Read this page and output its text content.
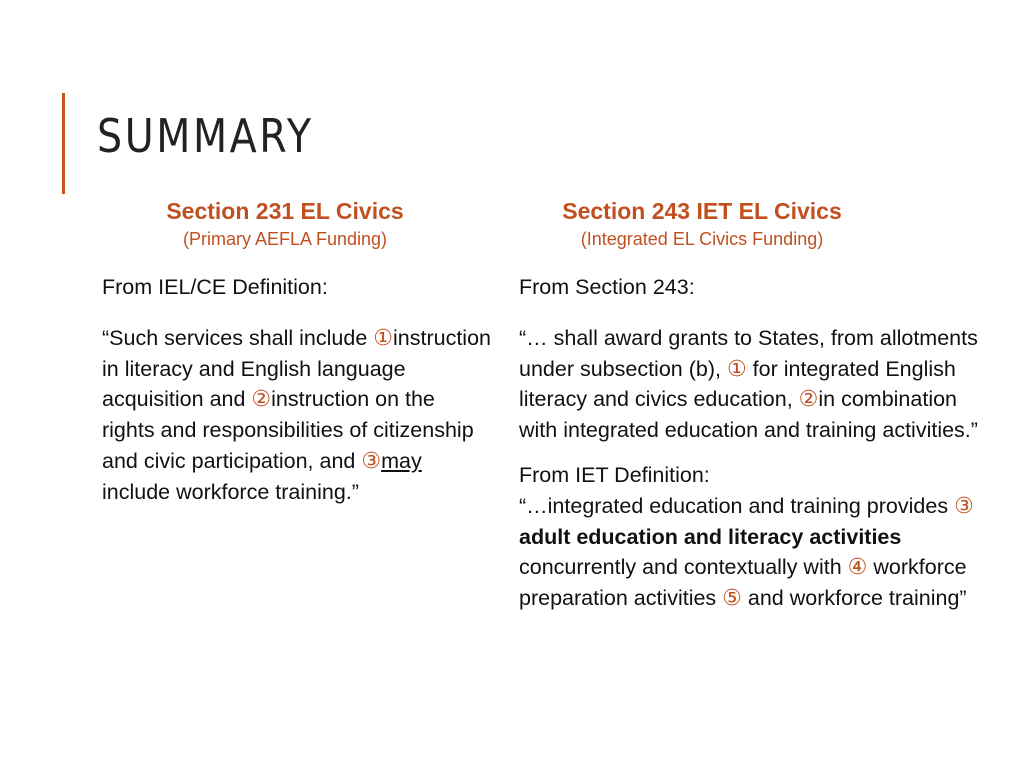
SUMMARY
Section 231 EL Civics
(Primary AEFLA Funding)
Section 243 IET EL Civics
(Integrated EL Civics Funding)

From IEL/CE Definition:

“Such services shall include ①instruction in literacy and English language acquisition and ②instruction on the rights and responsibilities of citizenship and civic participation, and ③may include workforce training.”

From Section 243:

“… shall award grants to States, from allotments under subsection (b), ① for integrated English literacy and civics education, ②in combination with integrated education and training activities.”

From IET Definition:

“…integrated education and training provides ③ adult education and literacy activities concurrently and contextually with ④ workforce preparation activities ⑤ and workforce training”
